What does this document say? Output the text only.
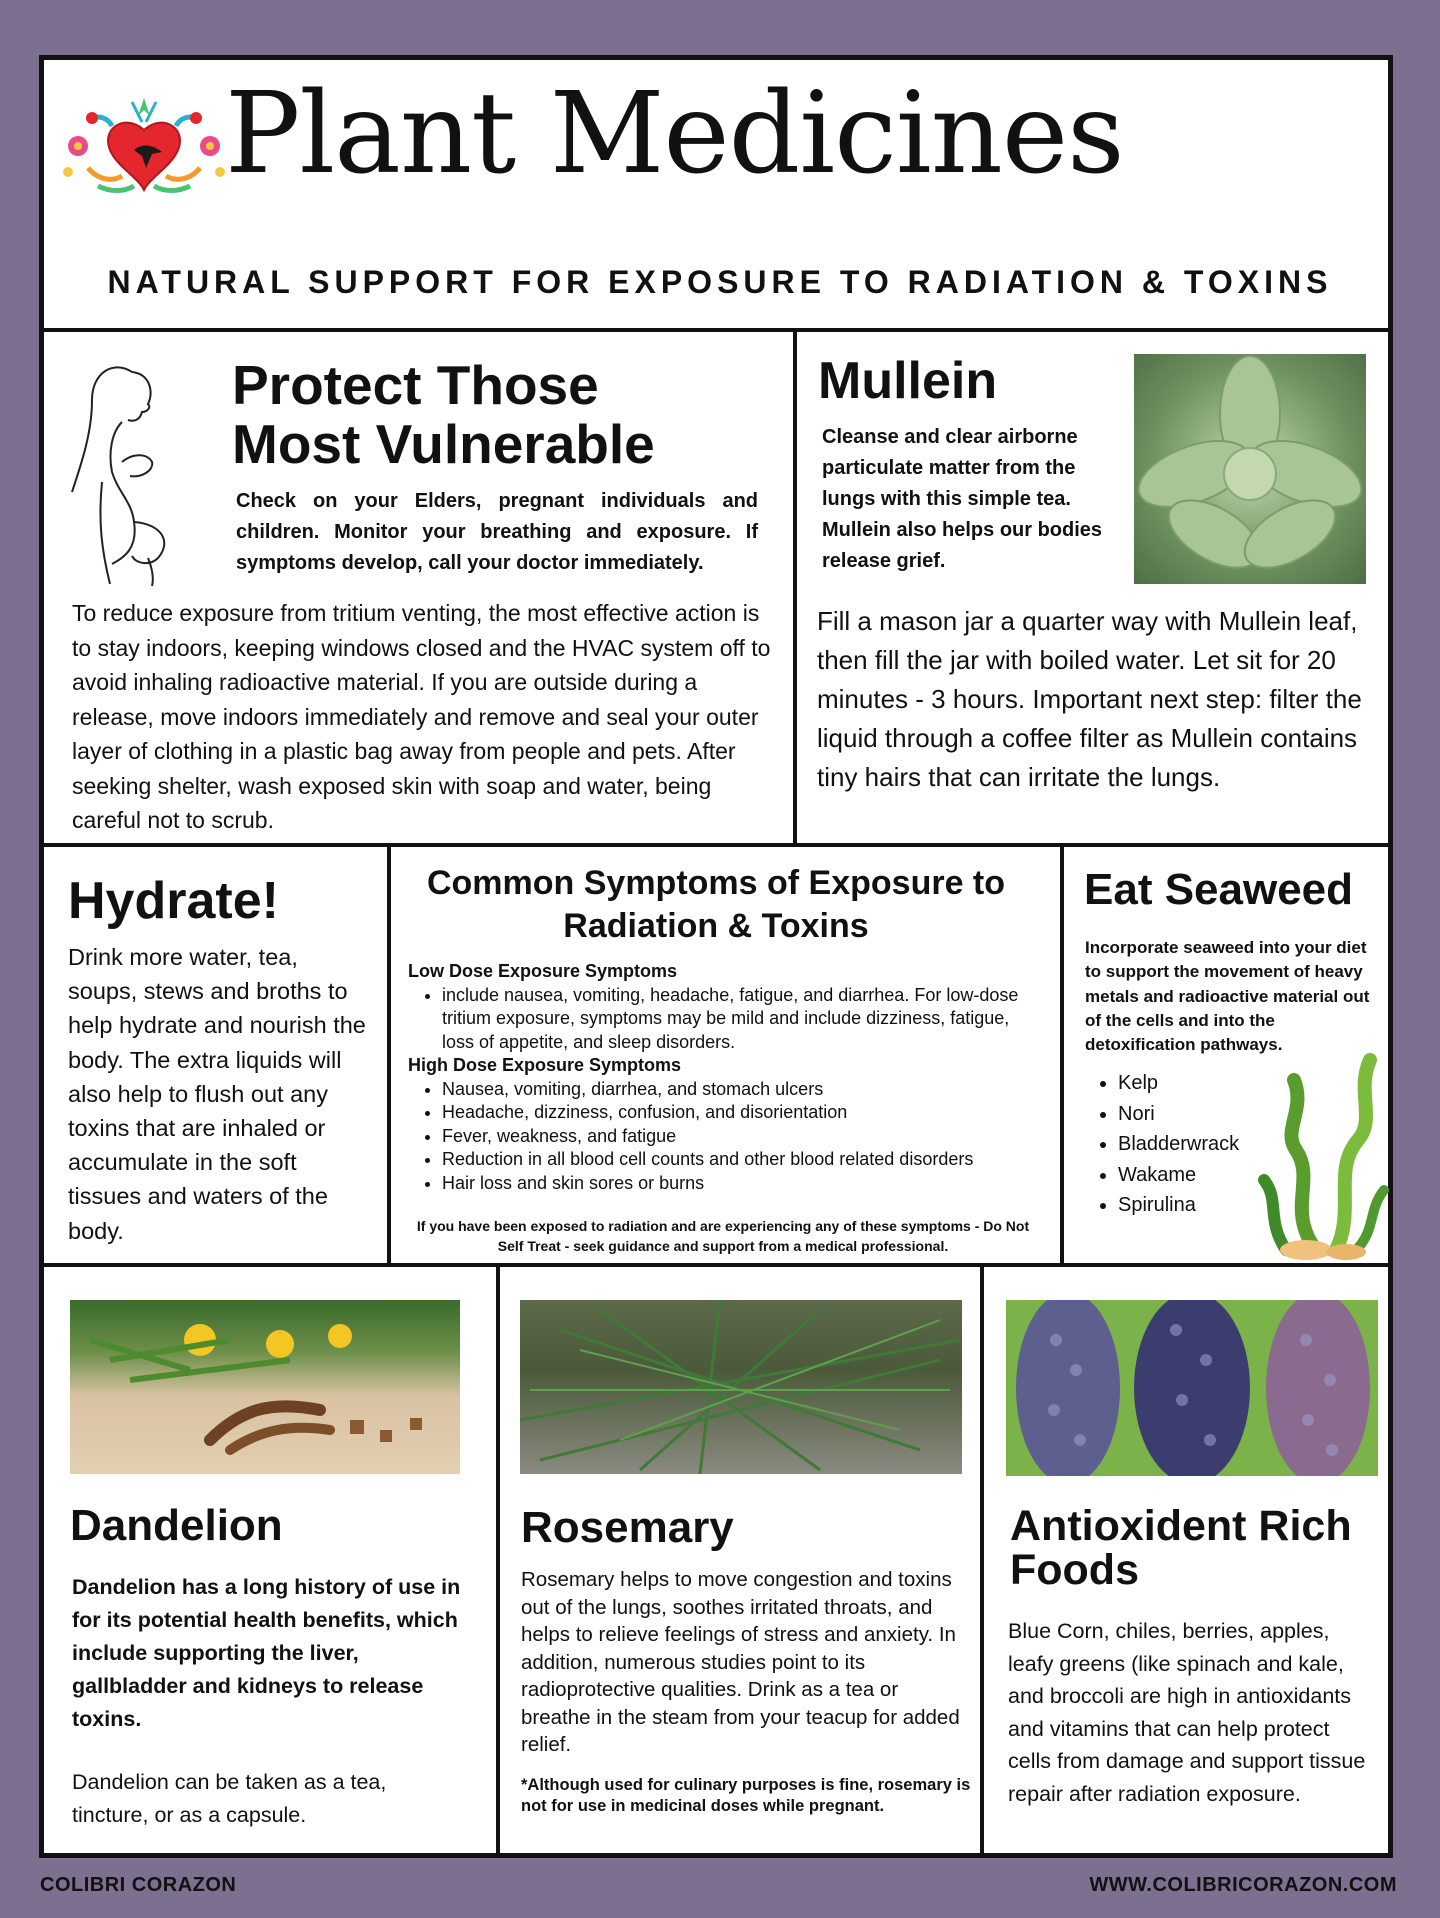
Plant Medicines
NATURAL SUPPORT FOR EXPOSURE TO RADIATION & TOXINS
Protect Those
Most Vulnerable

Check on your Elders, pregnant individuals and children. Monitor your breathing and exposure. If symptoms develop, call your doctor immediately.

To reduce exposure from tritium venting, the most effective action is to stay indoors, keeping windows closed and the HVAC system off to avoid inhaling radioactive material. If you are outside during a release, move indoors immediately and remove and seal your outer layer of clothing in a plastic bag away from people and pets. After seeking shelter, wash exposed skin with soap and water, being careful not to scrub.

Mullein

Cleanse and clear airborne particulate matter from the lungs with this simple tea. Mullein also helps our bodies release grief.

Fill a mason jar a quarter way with Mullein leaf, then fill the jar with boiled water. Let sit for 20 minutes - 3 hours. Important next step: filter the liquid through a coffee filter as Mullein contains tiny hairs that can irritate the lungs.

Hydrate!

Drink more water, tea, soups, stews and broths to help hydrate and nourish the body. The extra liquids will also help to flush out any toxins that are inhaled or accumulate in the soft tissues and waters of the body.

Common Symptoms of Exposure to Radiation & Toxins

Low Dose Exposure Symptoms

• include nausea, vomiting, headache, fatigue, and diarrhea. For low-dose tritium exposure, symptoms may be mild and include dizziness, fatigue, loss of appetite, and sleep disorders.

High Dose Exposure Symptoms

• Nausea, vomiting, diarrhea, and stomach ulcers
• Headache, dizziness, confusion, and disorientation
• Fever, weakness, and fatigue
• Reduction in all blood cell counts and other blood related disorders
• Hair loss and skin sores or burns

If you have been exposed to radiation and are experiencing any of these symptoms - Do Not Self Treat - seek guidance and support from a medical professional.

Eat Seaweed

Incorporate seaweed into your diet to support the movement of heavy metals and radioactive material out of the cells and into the detoxification pathways.

• Kelp
• Nori
• Bladderwrack
• Wakame
• Spirulina
Dandelion

Dandelion has a long history of use in for its potential health benefits, which include supporting the liver, gallbladder and kidneys to release toxins.

Dandelion can be taken as a tea, tincture, or as a capsule.

Rosemary

Rosemary helps to move congestion and toxins out of the lungs, soothes irritated throats, and helps to relieve feelings of stress and anxiety. In addition, numerous studies point to its radioprotective qualities. Drink as a tea or breathe in the steam from your teacup for added relief.

*Although used for culinary purposes is fine, rosemary is not for use in medicinal doses while pregnant.

Antioxident Rich
Foods

Blue Corn, chiles, berries, apples, leafy greens (like spinach and kale, and broccoli are high in antioxidants and vitamins that can help protect cells from damage and support tissue repair after radiation exposure.

COLIBRI CORAZON	WWW.COLIBRICORAZON.COM
